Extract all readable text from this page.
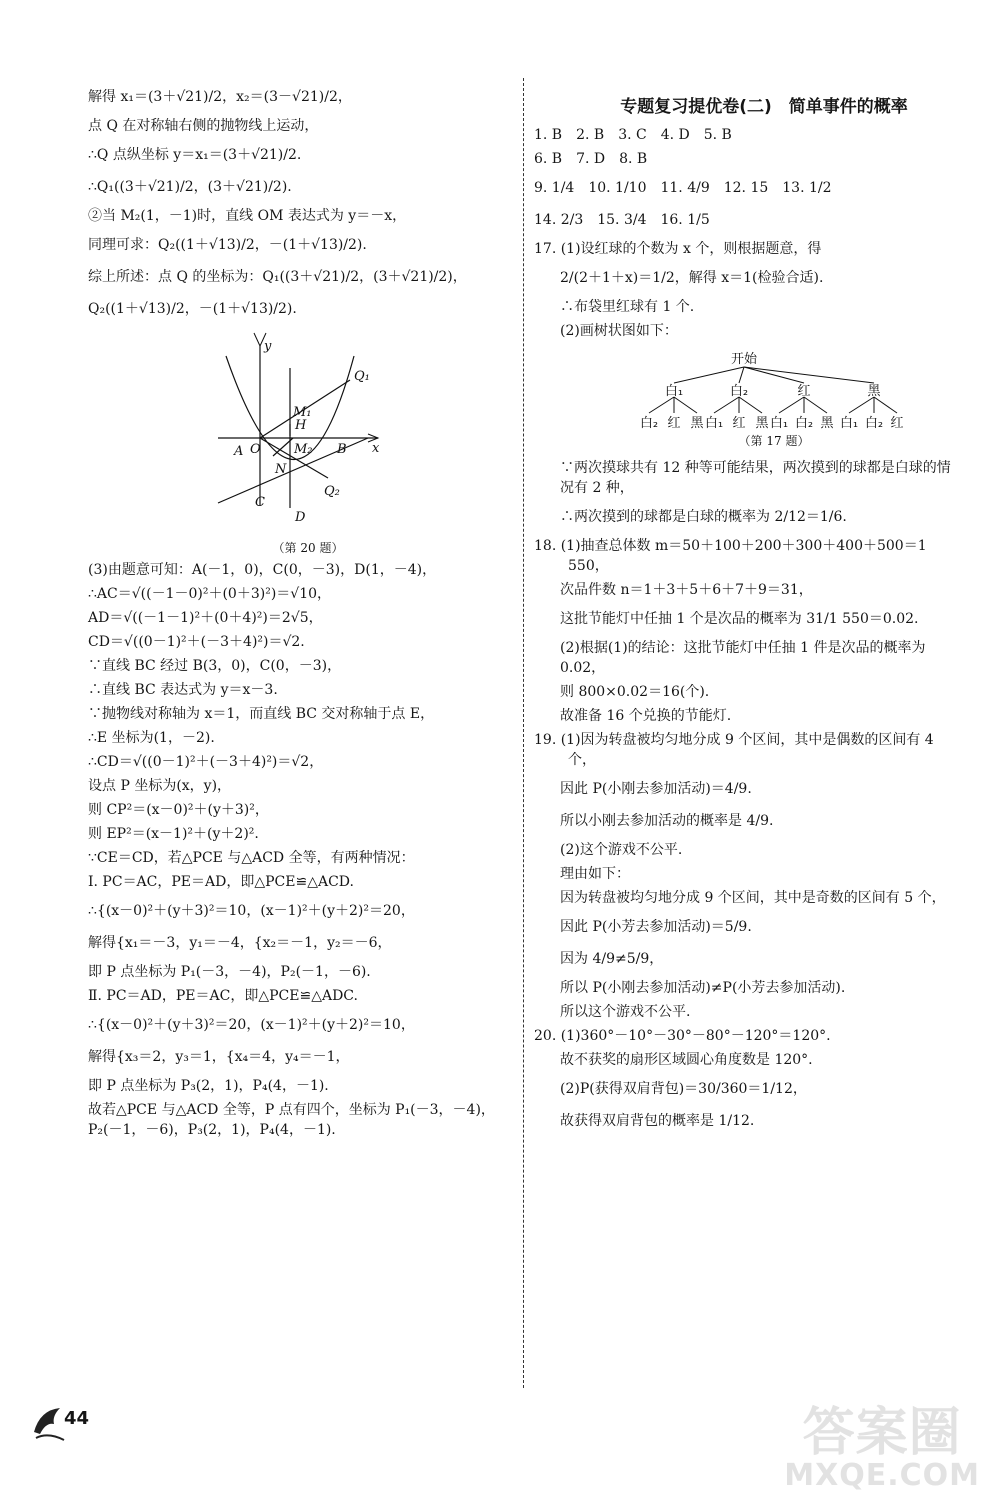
解得 x₁＝(3＋√21)/2，x₂＝(3－√21)/2，
点 Q 在对称轴右侧的抛物线上运动，
∴Q 点纵坐标 y＝x₁＝(3＋√21)/2.
∴Q₁((3＋√21)/2，(3＋√21)/2).
②当 M₂(1，－1)时，直线 OM 表达式为 y＝－x，
同理可求：Q₂((1＋√13)/2，－(1＋√13)/2).
综上所述：点 Q 的坐标为：Q₁((3＋√21)/2，(3＋√21)/2)，
Q₂((1＋√13)/2，－(1＋√13)/2).
y
x
A O	B
C
D
N
H
M₁
M₂
Q₁
Q₂
（第 20 题）
(3)由题意可知：A(－1，0)，C(0，－3)，D(1，－4)，
∴AC＝√((－1－0)²＋(0＋3)²)＝√10，
AD＝√((－1－1)²＋(0＋4)²)＝2√5，
CD＝√((0－1)²＋(－3＋4)²)＝√2.
∵直线 BC 经过 B(3，0)，C(0，－3)，
∴直线 BC 表达式为 y＝x－3.
∵抛物线对称轴为 x＝1，而直线 BC 交对称轴于点 E，
∴E 坐标为(1，－2).
∴CD＝√((0－1)²＋(－3＋4)²)＝√2，
设点 P 坐标为(x，y)，
则 CP²＝(x－0)²＋(y＋3)²，
则 EP²＝(x－1)²＋(y＋2)².
∵CE＝CD，若△PCE 与△ACD 全等，有两种情况：
Ⅰ. PC＝AC，PE＝AD，即△PCE≌△ACD.
∴{(x－0)²＋(y＋3)²＝10，(x－1)²＋(y＋2)²＝20，
解得{x₁＝－3，y₁＝－4，{x₂＝－1，y₂＝－6，
即 P 点坐标为 P₁(－3，－4)，P₂(－1，－6).
Ⅱ. PC＝AD，PE＝AC，即△PCE≌△ADC.
∴{(x－0)²＋(y＋3)²＝20，(x－1)²＋(y＋2)²＝10，
解得{x₃＝2，y₃＝1，{x₄＝4，y₄＝－1，
即 P 点坐标为 P₃(2，1)，P₄(4，－1).
故若△PCE 与△ACD 全等，P 点有四个，坐标为 P₁(－3，－4)，P₂(－1，－6)，P₃(2，1)，P₄(4，－1).
专题复习提优卷(二)　简单事件的概率
1. B　2. B　3. C　4. D　5. B
6. B　7. D　8. B
9. 1/4　10. 1/10　11. 4/9　12. 15　13. 1/2
14. 2/3　15. 3/4　16. 1/5
17. (1)设红球的个数为 x 个，则根据题意，得
2/(2＋1＋x)＝1/2，解得 x＝1(检验合适).
∴布袋里红球有 1 个.
(2)画树状图如下：
开始
白₁	白₂	红	黑
白₂ 红 黑 白₁ 红 黑 白₁ 白₂ 黑 白₁ 白₂ 红
（第 17 题）
∵两次摸球共有 12 种等可能结果，两次摸到的球都是白球的情况有 2 种，
∴两次摸到的球都是白球的概率为 2/12＝1/6.
18. (1)抽查总体数 m＝50＋100＋200＋300＋400＋500＝1 550，
次品件数 n＝1＋3＋5＋6＋7＋9＝31，
这批节能灯中任抽 1 个是次品的概率为 31/1 550＝0.02.
(2)根据(1)的结论：这批节能灯中任抽 1 件是次品的概率为 0.02，
则 800×0.02＝16(个).
故准备 16 个兑换的节能灯.
19. (1)因为转盘被均匀地分成 9 个区间，其中是偶数的区间有 4 个，
因此 P(小刚去参加活动)＝4/9.
所以小刚去参加活动的概率是 4/9.
(2)这个游戏不公平.
理由如下：
因为转盘被均匀地分成 9 个区间，其中是奇数的区间有 5 个，
因此 P(小芳去参加活动)＝5/9.
因为 4/9≠5/9，
所以 P(小刚去参加活动)≠P(小芳去参加活动).
所以这个游戏不公平.
20. (1)360°－10°－30°－80°－120°＝120°.
故不获奖的扇形区域圆心角度数是 120°.
(2)P(获得双肩背包)＝30/360＝1/12，
故获得双肩背包的概率是 1/12.
44	答案圈
MXQE.COM
